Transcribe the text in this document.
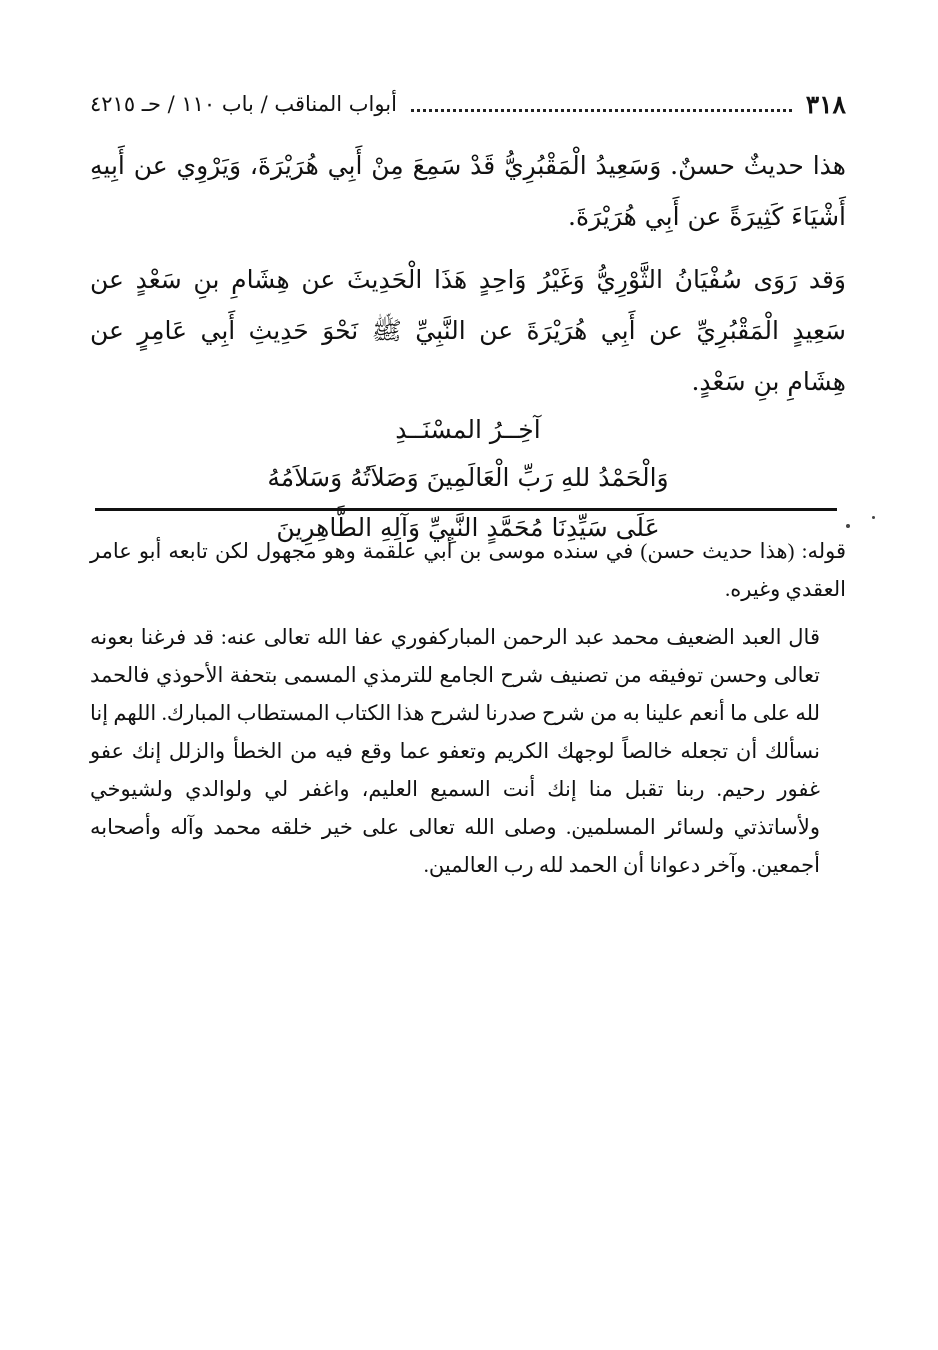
٣١٨
أبواب المناقب / باب ١١٠ / حـ ٤٢١٥

هذا حديثٌ حسنٌ. وَسَعِيدُ الْمَقْبُرِيُّ قَدْ سَمِعَ مِنْ أَبِي هُرَيْرَةَ، وَيَرْوِي عن أَبِيهِ أَشْيَاءَ كَثِيرَةً عن أَبِي هُرَيْرَةَ.

وَقد رَوَى سُفْيَانُ الثَّوْرِيُّ وَغَيْرُ وَاحِدٍ هَذَا الْحَدِيثَ عن هِشَامِ بنِ سَعْدٍ عن سَعِيدٍ الْمَقْبُرِيِّ عن أَبِي هُرَيْرَةَ عن النَّبِيِّ ﷺ نَحْوَ حَدِيثِ أَبِي عَامِرٍ عن هِشَامِ بنِ سَعْدٍ.

آخِــرُ المسْنَــدِ
وَالْحَمْدُ للهِ رَبِّ الْعَالَمِينَ وَصَلاَتُهُ وَسَلاَمُهُ
عَلَى سَيِّدِنَا مُحَمَّدٍ النَّبِيِّ وَآلِهِ الطَّاهِرِينَ

قوله: (هذا حديث حسن) في سنده موسى بن أبي علقمة وهو مجهول لكن تابعه أبو عامر العقدي وغيره.

قال العبد الضعيف محمد عبد الرحمن المباركفوري عفا الله تعالى عنه: قد فرغنا بعونه تعالى وحسن توفيقه من تصنيف شرح الجامع للترمذي المسمى بتحفة الأحوذي فالحمد لله على ما أنعم علينا به من شرح صدرنا لشرح هذا الكتاب المستطاب المبارك. اللهم إنا نسألك أن تجعله خالصاً لوجهك الكريم وتعفو عما وقع فيه من الخطأ والزلل إنك عفو غفور رحيم. ربنا تقبل منا إنك أنت السميع العليم، واغفر لي ولوالدي ولشيوخي ولأساتذتي ولسائر المسلمين. وصلى الله تعالى على خير خلقه محمد وآله وأصحابه أجمعين. وآخر دعوانا أن الحمد لله رب العالمين.
